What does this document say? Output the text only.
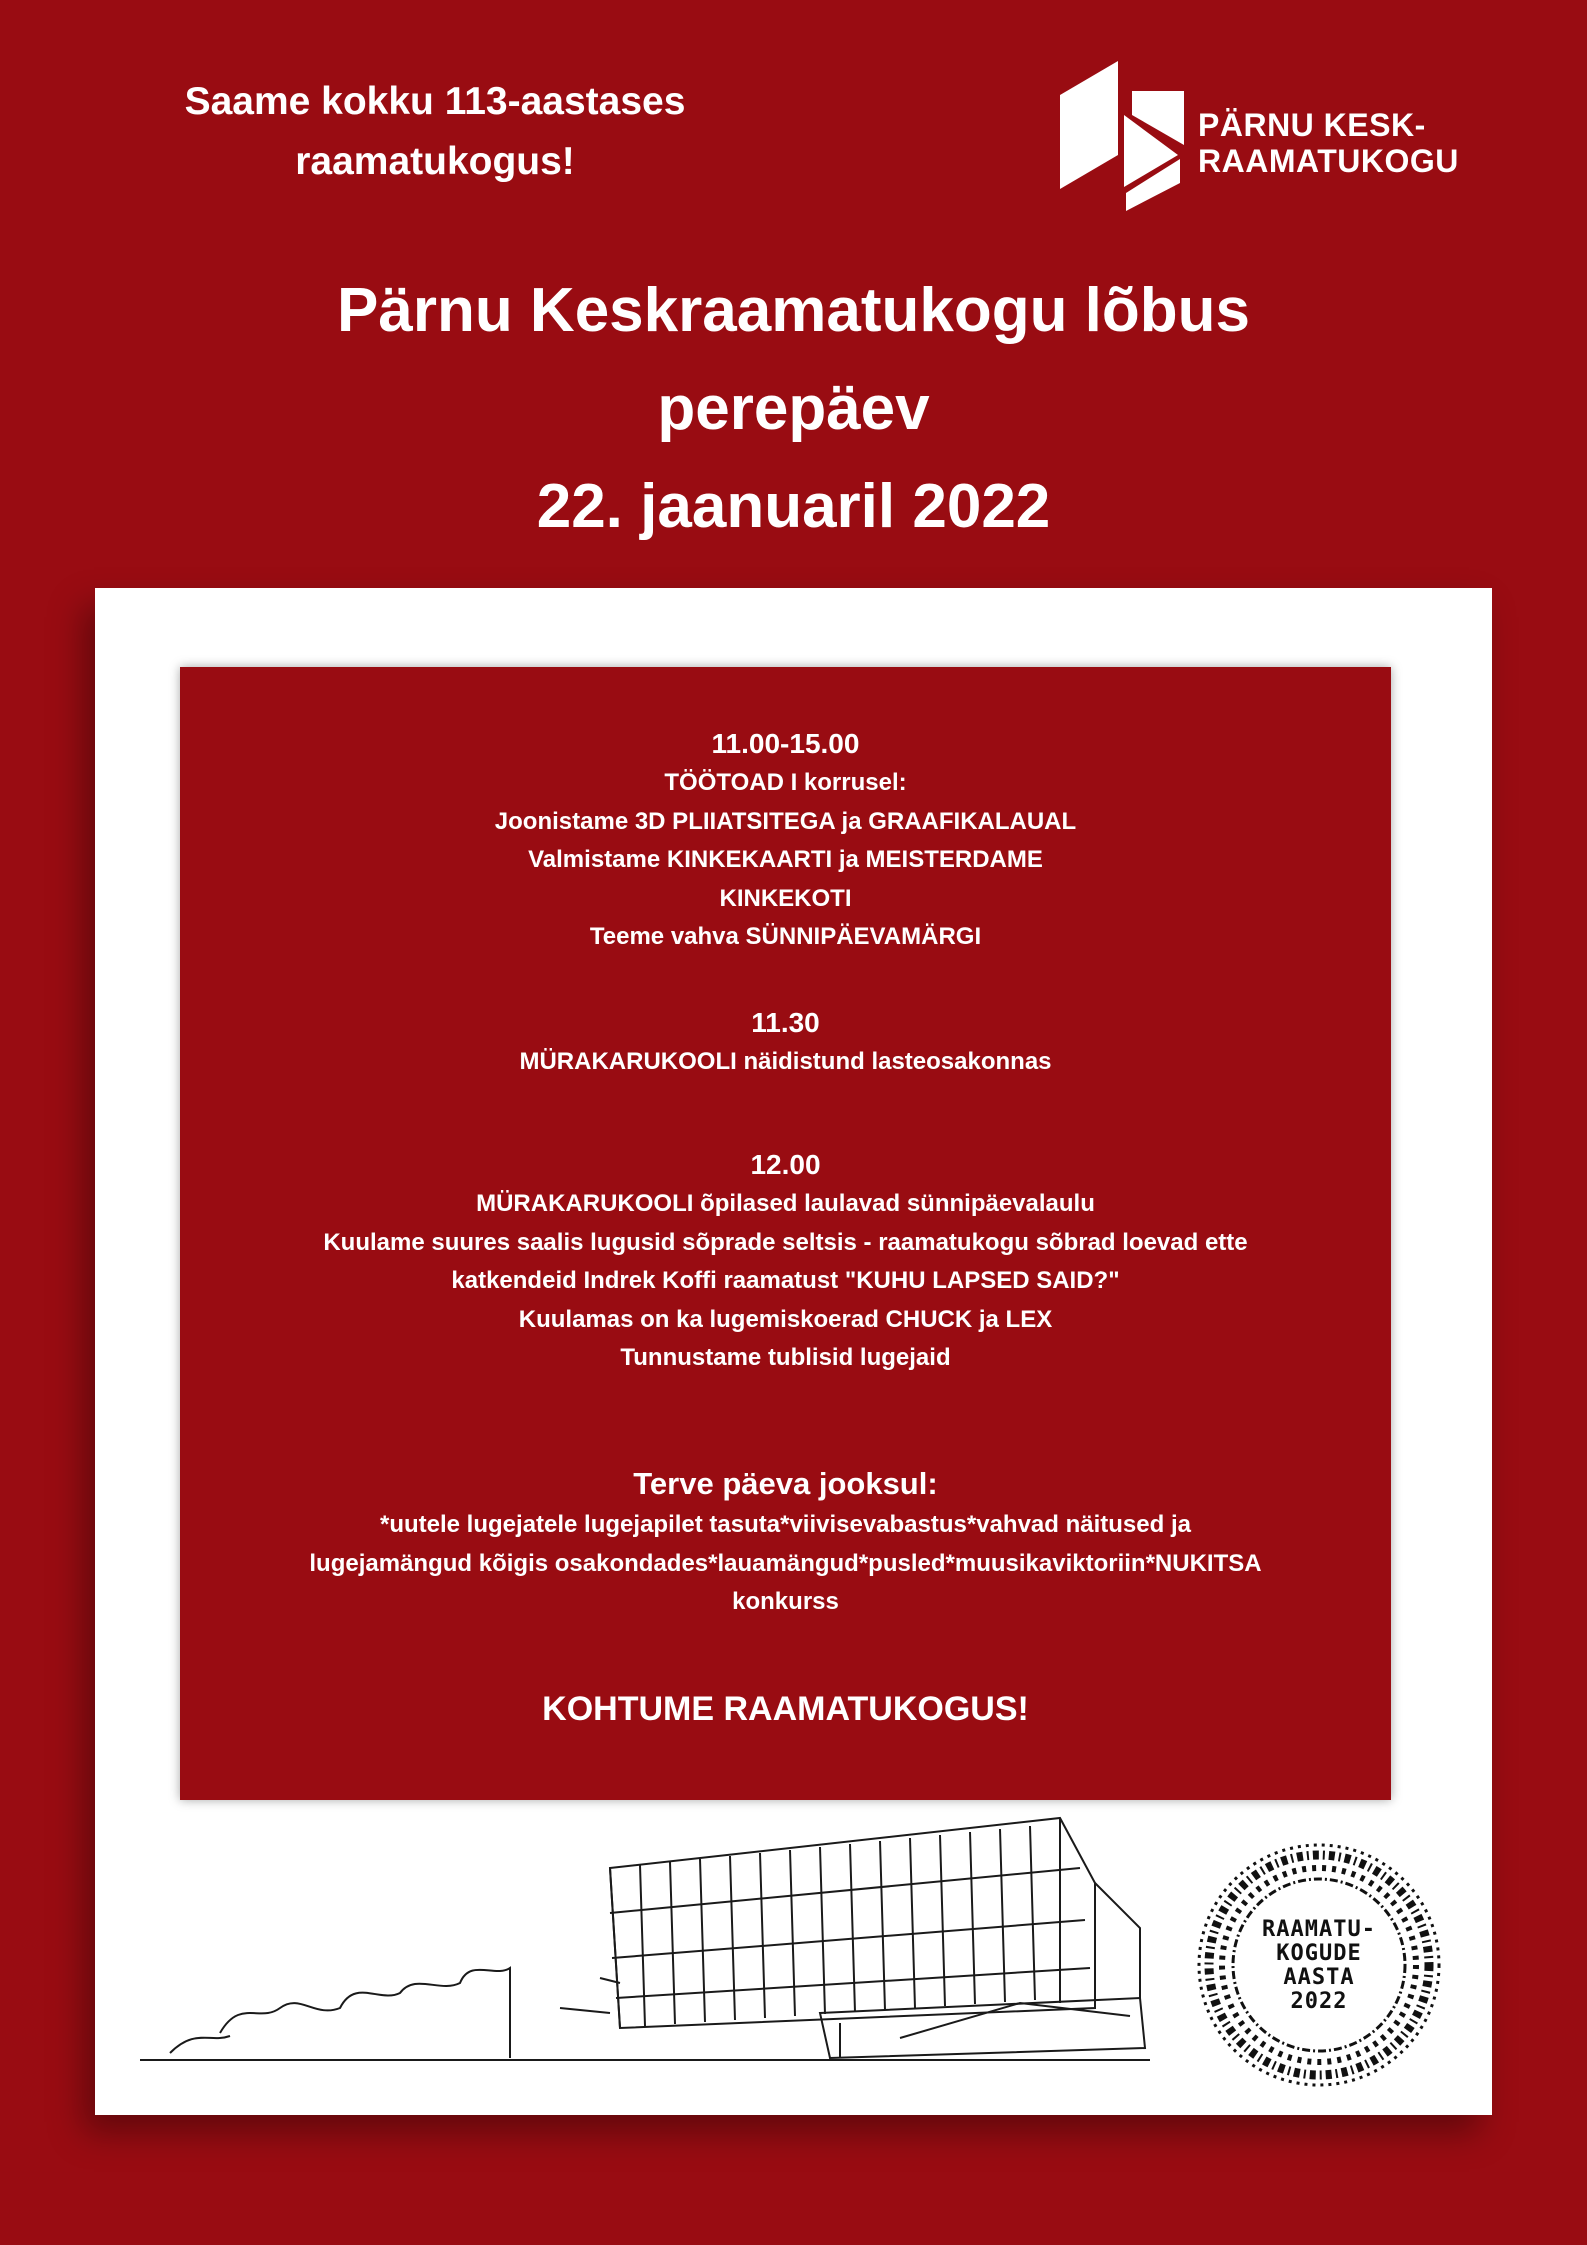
Saame kokku 113-aastases
raamatukogus!
PÄRNU KESK-
RAAMATUKOGU
Pärnu Keskraamatukogu lõbus
perepäev
22. jaanuaril 2022
11.00-15.00
TÖÖTOAD I korrusel:
Joonistame 3D PLIIATSITEGA ja GRAAFIKALAUAL
Valmistame KINKEKAARTI ja MEISTERDAME
KINKEKOTI
Teeme vahva SÜNNIPÄEVAMÄRGI
11.30
MÜRAKARUKOOLI näidistund lasteosakonnas
12.00
MÜRAKARUKOOLI õpilased laulavad sünnipäevalaulu
Kuulame suures saalis lugusid sõprade seltsis - raamatukogu sõbrad loevad ette
katkendeid Indrek Koffi raamatust "KUHU LAPSED SAID?"
Kuulamas on ka lugemiskoerad CHUCK ja LEX
Tunnustame tublisid lugejaid
Terve päeva jooksul:
*uutele lugejatele lugejapilet tasuta*viivisevabastus*vahvad näitused ja
lugejamängud kõigis osakondades*lauamängud*pusled*muusikaviktoriin*NUKITSA
konkurss
KOHTUME RAAMATUKOGUS!
RAAMATU-
KOGUDE
AASTA
2022
